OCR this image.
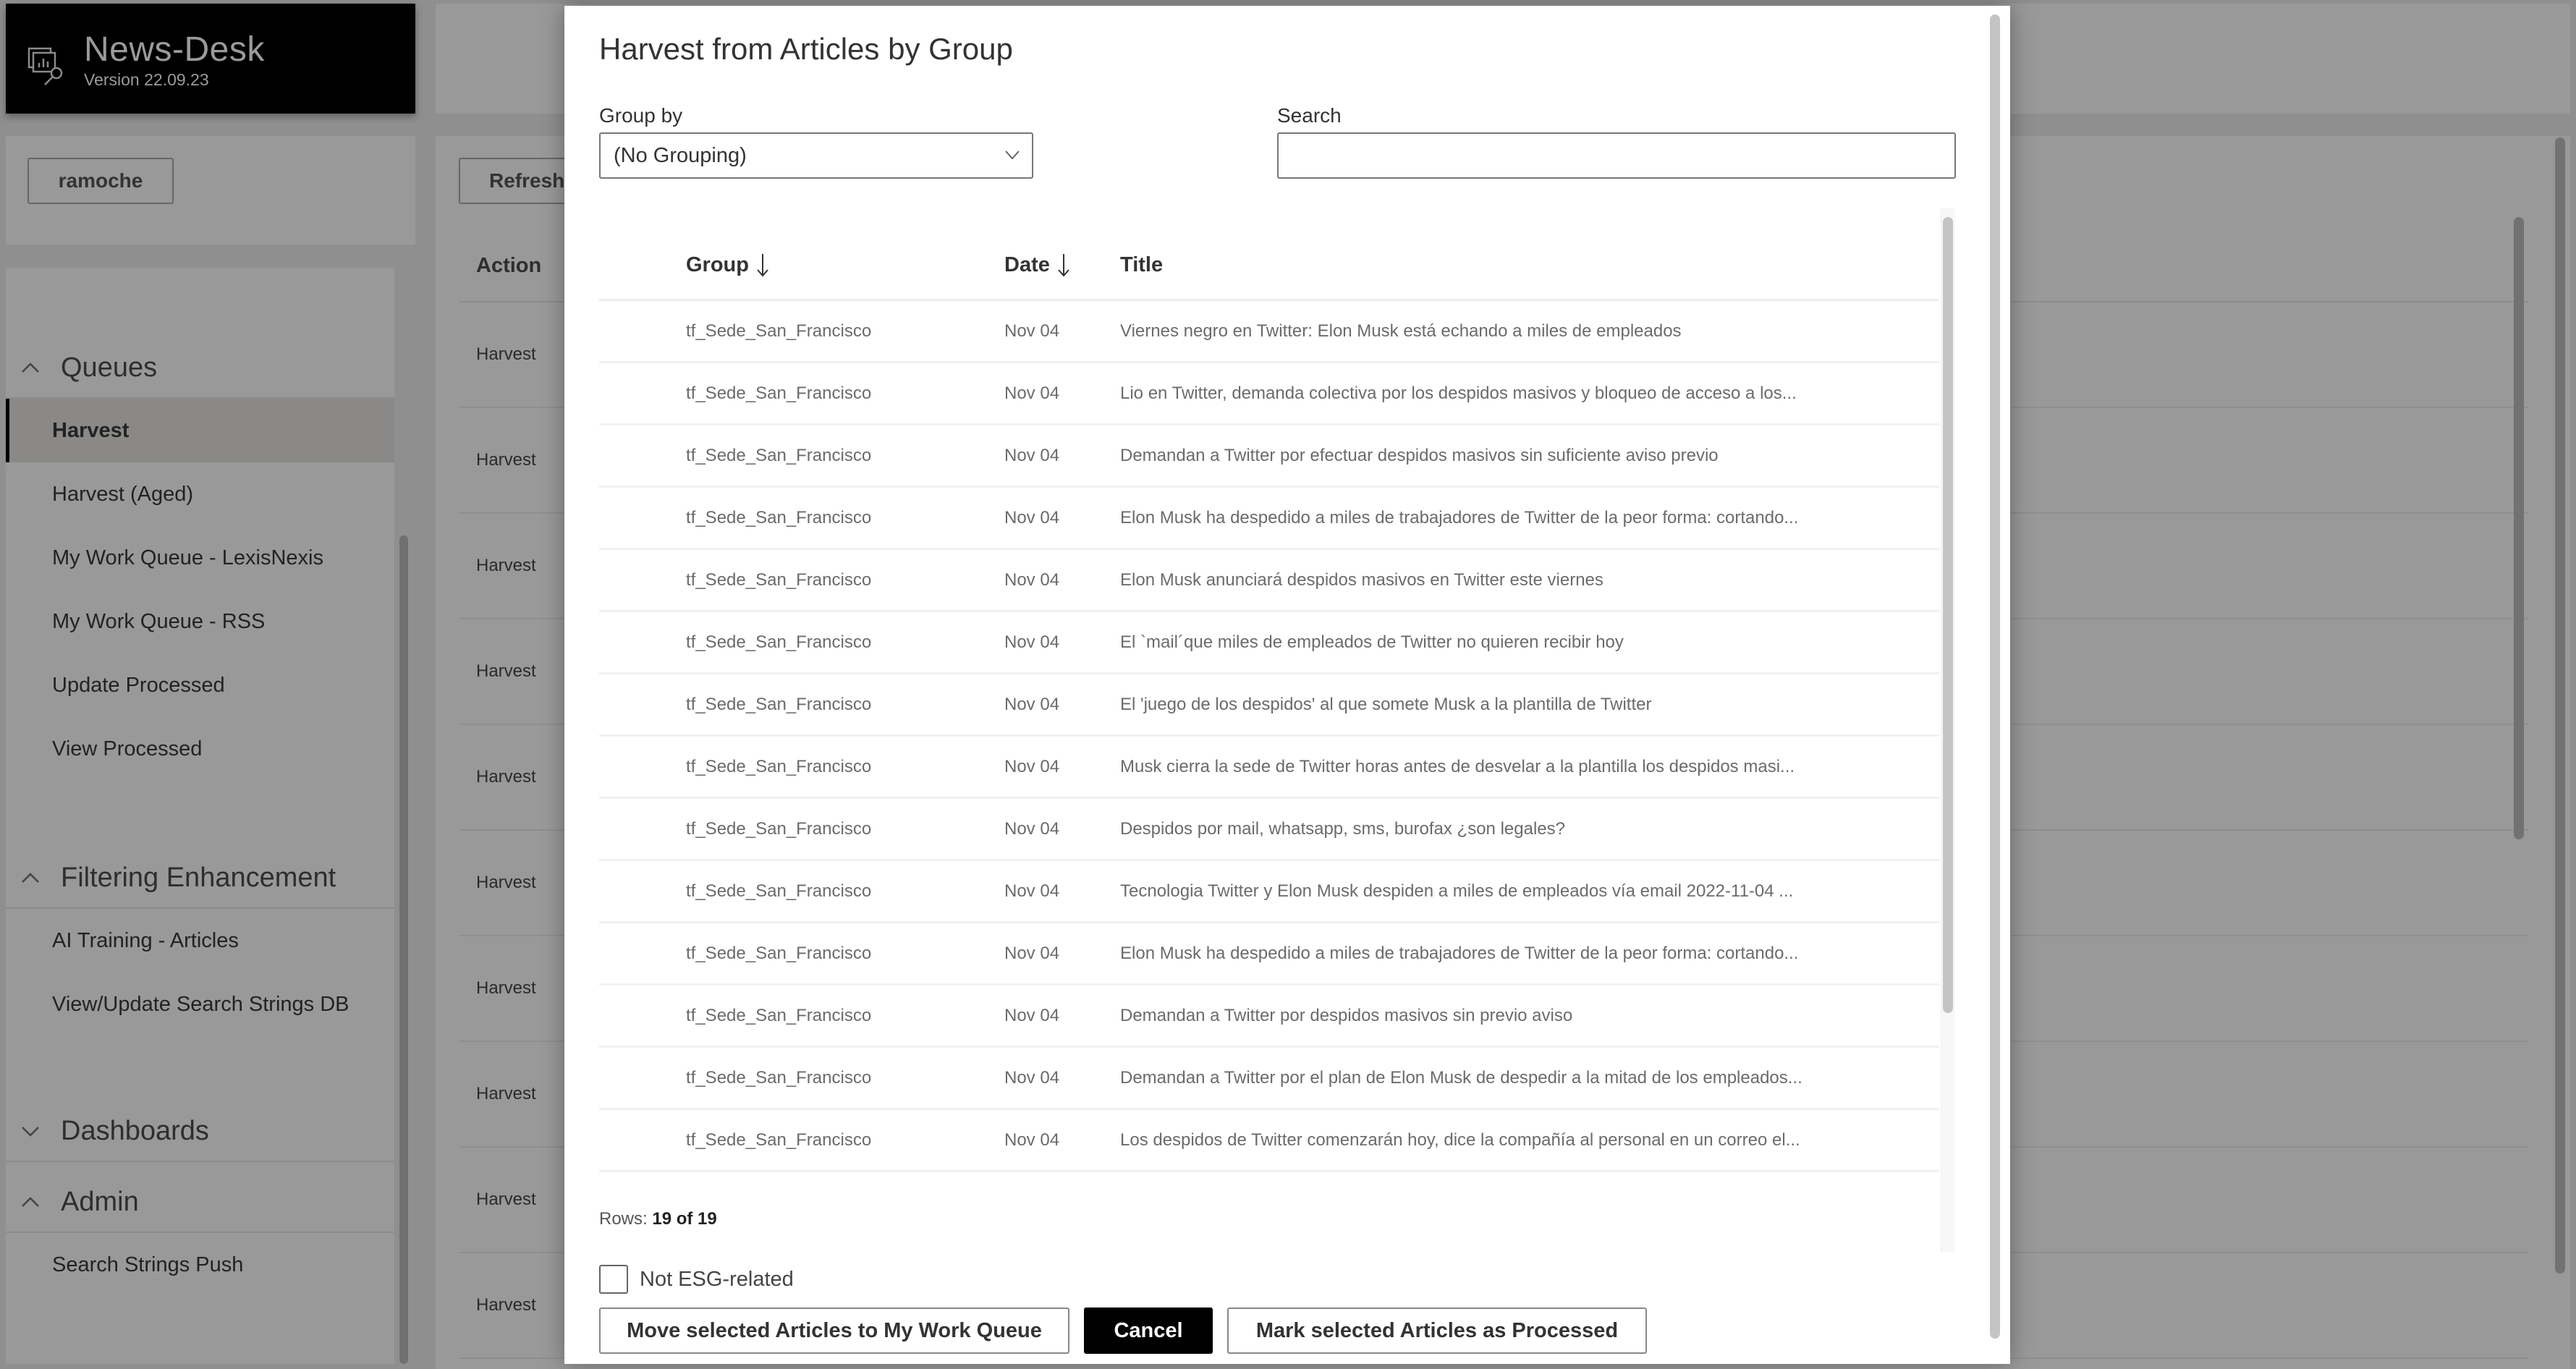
News-Desk
Version 22.09.23
ramoche
Queues
Harvest
Harvest (Aged)
My Work Queue - LexisNexis
My Work Queue - RSS
Update Processed
View Processed
Filtering Enhancement
AI Training - Articles
View/Update Search Strings DB
Dashboards
Admin
Search Strings Push
Refresh
Action
Harvest
Harvest
Harvest
Harvest
Harvest
Harvest
Harvest
Harvest
Harvest
Harvest
Harvest from Articles by Group
Group by
(No Grouping)
Search
Group	Date	Title
tf_Sede_San_Francisco	Nov 04	Viernes negro en Twitter: Elon Musk está echando a miles de empleados
tf_Sede_San_Francisco	Nov 04	Lio en Twitter, demanda colectiva por los despidos masivos y bloqueo de acceso a los...
tf_Sede_San_Francisco	Nov 04	Demandan a Twitter por efectuar despidos masivos sin suficiente aviso previo
tf_Sede_San_Francisco	Nov 04	Elon Musk ha despedido a miles de trabajadores de Twitter de la peor forma: cortando...
tf_Sede_San_Francisco	Nov 04	Elon Musk anunciará despidos masivos en Twitter este viernes
tf_Sede_San_Francisco	Nov 04	El `mail´que miles de empleados de Twitter no quieren recibir hoy
tf_Sede_San_Francisco	Nov 04	El 'juego de los despidos' al que somete Musk a la plantilla de Twitter
tf_Sede_San_Francisco	Nov 04	Musk cierra la sede de Twitter horas antes de desvelar a la plantilla los despidos masi...
tf_Sede_San_Francisco	Nov 04	Despidos por mail, whatsapp, sms, burofax ¿son legales?
tf_Sede_San_Francisco	Nov 04	Tecnologia Twitter y Elon Musk despiden a miles de empleados vía email 2022-11-04 ...
tf_Sede_San_Francisco	Nov 04	Elon Musk ha despedido a miles de trabajadores de Twitter de la peor forma: cortando...
tf_Sede_San_Francisco	Nov 04	Demandan a Twitter por despidos masivos sin previo aviso
tf_Sede_San_Francisco	Nov 04	Demandan a Twitter por el plan de Elon Musk de despedir a la mitad de los empleados...
tf_Sede_San_Francisco	Nov 04	Los despidos de Twitter comenzarán hoy, dice la compañía al personal en un correo el...
Rows: 19 of 19
Not ESG-related
Move selected Articles to My Work Queue	Cancel	Mark selected Articles as Processed
